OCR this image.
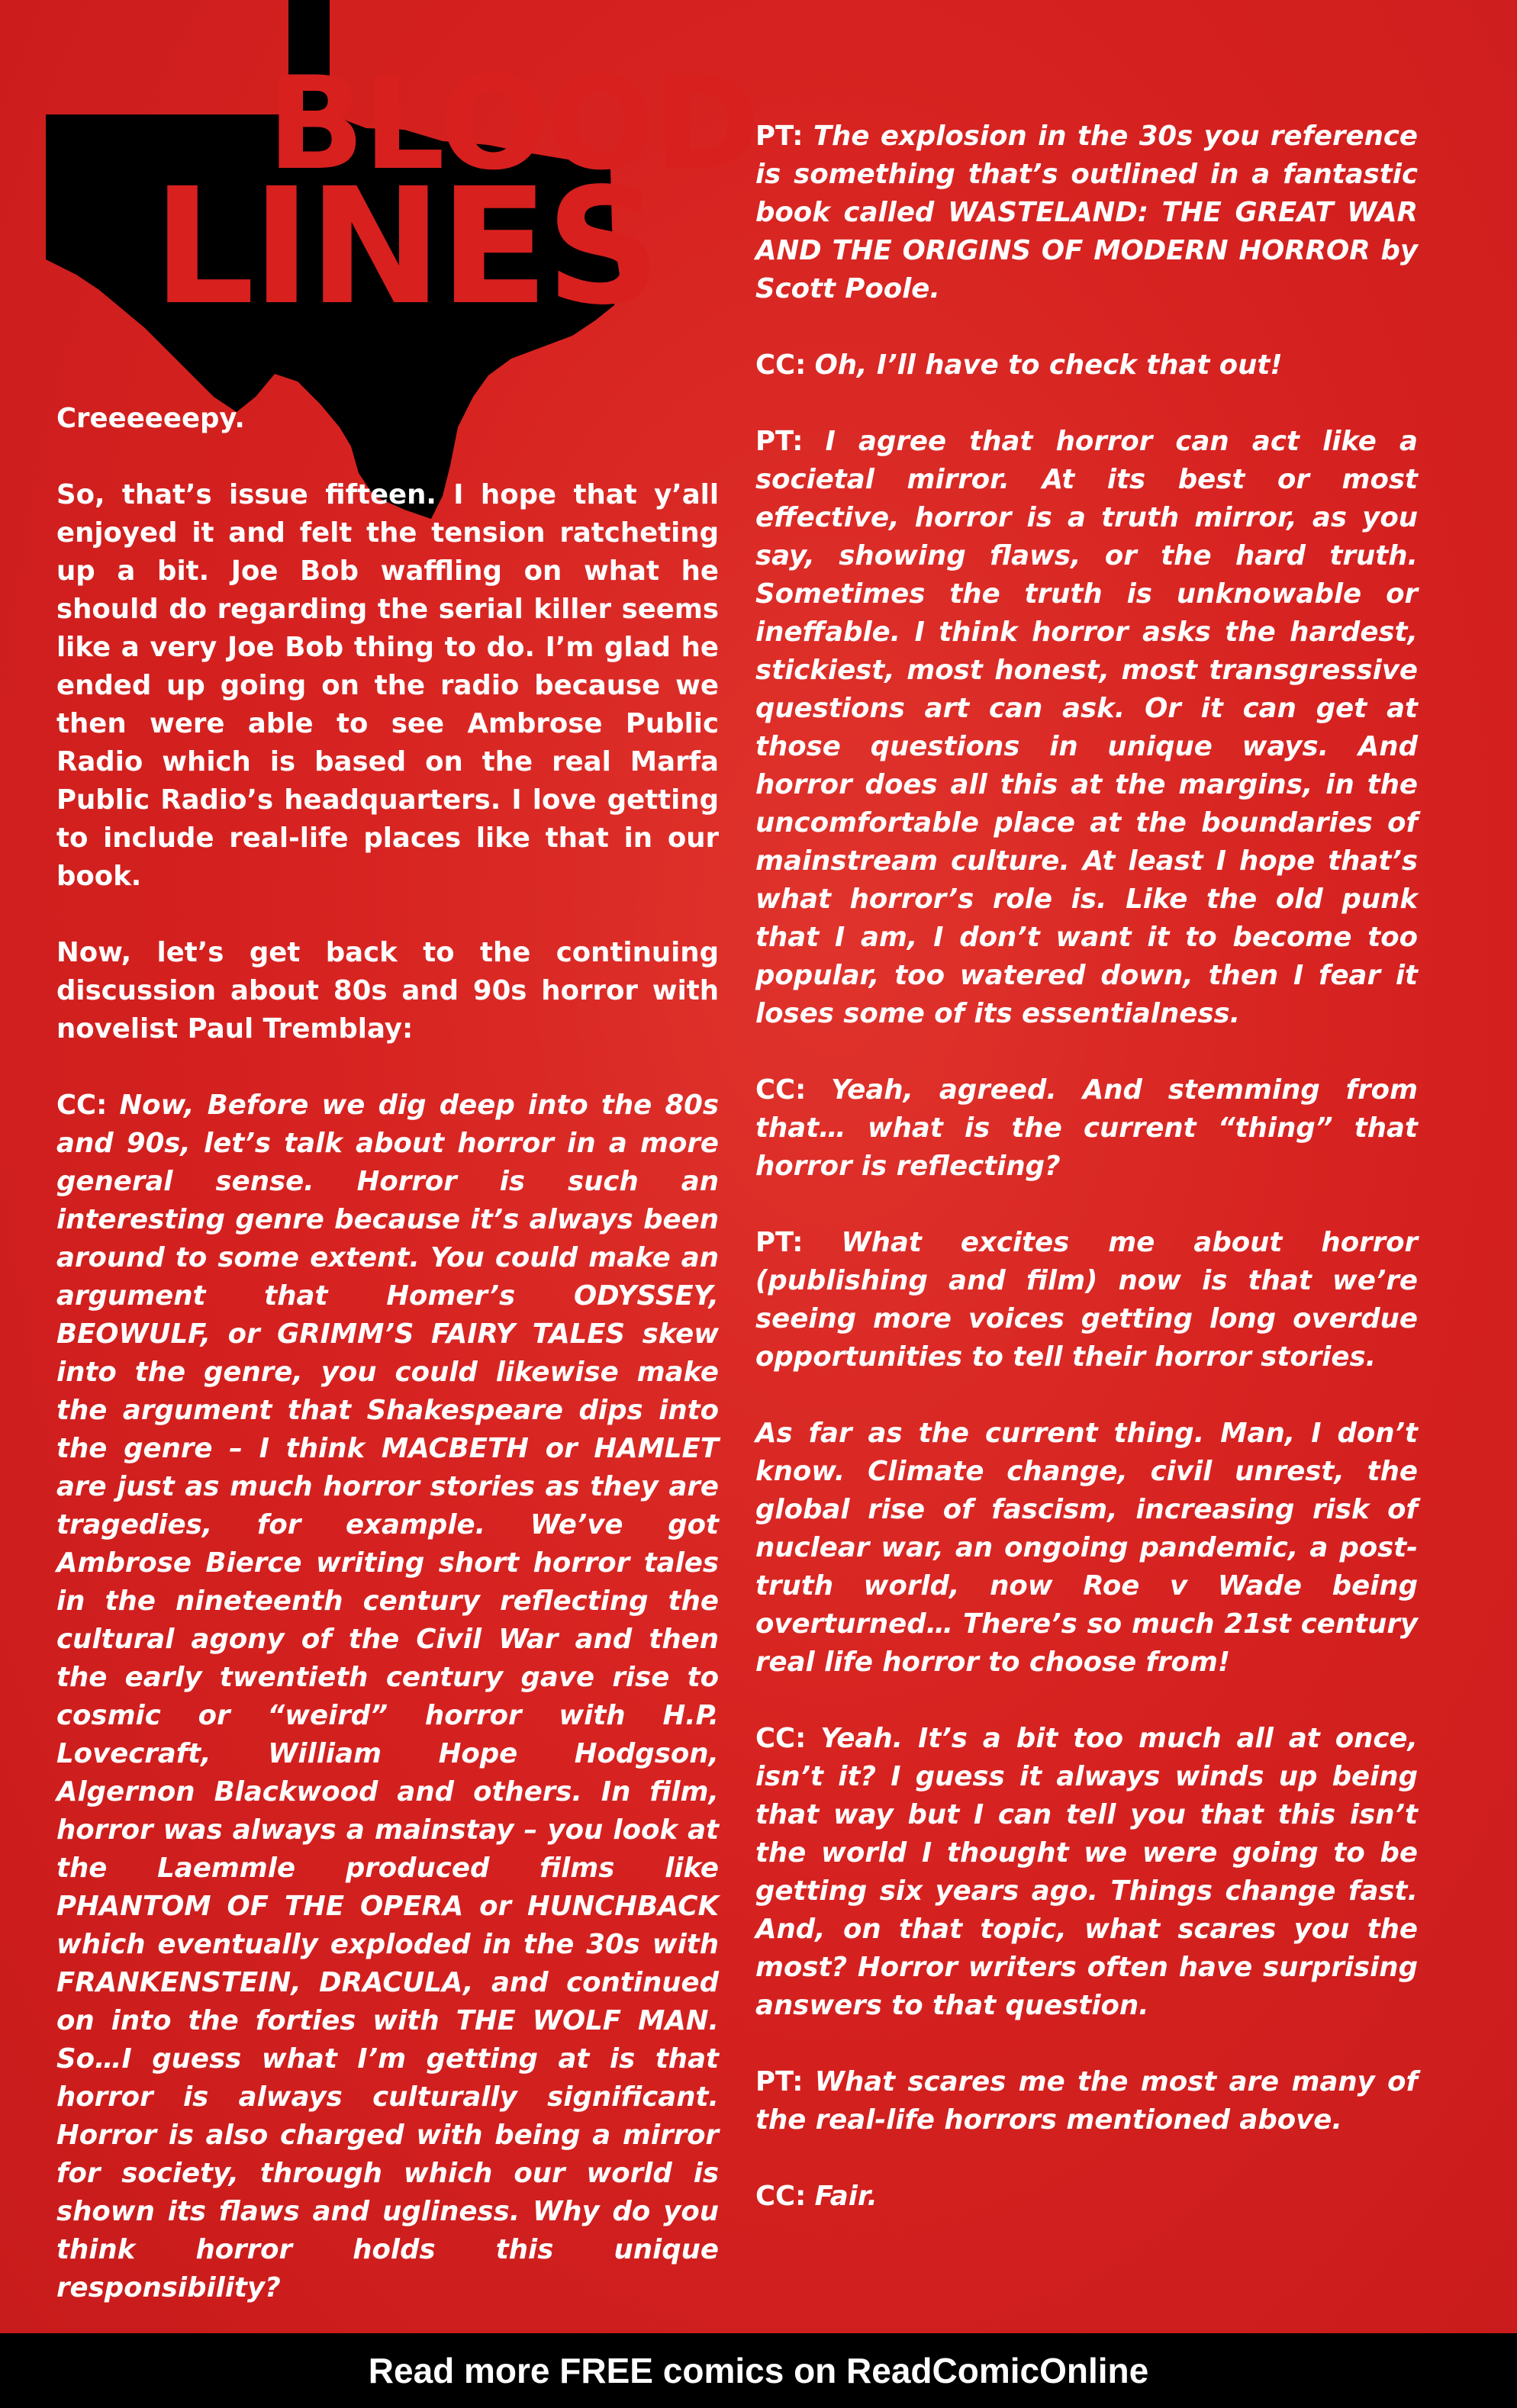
BLOOD
LINES

Creeeeeepy.

So, that’s issue fifteen. I hope that y’all enjoyed it and felt the tension ratcheting up a bit. Joe Bob waffling on what he should do regarding the serial killer seems like a very Joe Bob thing to do. I’m glad he ended up going on the radio because we then were able to see Ambrose Public Radio which is based on the real Marfa Public Radio’s headquarters. I love getting to include real-life places like that in our book.

Now, let’s get back to the continuing discussion about 80s and 90s horror with novelist Paul Tremblay:

CC: Now, Before we dig deep into the 80s and 90s, let’s talk about horror in a more general sense. Horror is such an interesting genre because it’s always been around to some extent. You could make an argument that Homer’s ODYSSEY, BEOWULF, or GRIMM’S FAIRY TALES skew into the genre, you could likewise make the argument that Shakespeare dips into the genre – I think MACBETH or HAMLET are just as much horror stories as they are tragedies, for example. We’ve got Ambrose Bierce writing short horror tales in the nineteenth century reflecting the cultural agony of the Civil War and then the early twentieth century gave rise to cosmic or “weird” horror with H.P. Lovecraft, William Hope Hodgson, Algernon Blackwood and others. In film, horror was always a mainstay – you look at the Laemmle produced films like PHANTOM OF THE OPERA or HUNCHBACK which eventually exploded in the 30s with FRANKENSTEIN, DRACULA, and continued on into the forties with THE WOLF MAN. So…I guess what I’m getting at is that horror is always culturally significant. Horror is also charged with being a mirror for society, through which our world is shown its flaws and ugliness. Why do you think horror holds this unique responsibility?

PT: The explosion in the 30s you reference is something that’s outlined in a fantastic book called WASTELAND: THE GREAT WAR AND THE ORIGINS OF MODERN HORROR by Scott Poole.

CC: Oh, I’ll have to check that out!

PT: I agree that horror can act like a societal mirror. At its best or most effective, horror is a truth mirror, as you say, showing flaws, or the hard truth. Sometimes the truth is unknowable or ineffable. I think horror asks the hardest, stickiest, most honest, most transgressive questions art can ask. Or it can get at those questions in unique ways. And horror does all this at the margins, in the uncomfortable place at the boundaries of mainstream culture. At least I hope that’s what horror’s role is. Like the old punk that I am, I don’t want it to become too popular, too watered down, then I fear it loses some of its essentialness.

CC: Yeah, agreed. And stemming from that… what is the current “thing” that horror is reflecting?

PT: What excites me about horror (publishing and film) now is that we’re seeing more voices getting long overdue opportunities to tell their horror stories.

As far as the current thing. Man, I don’t know. Climate change, civil unrest, the global rise of fascism, increasing risk of nuclear war, an ongoing pandemic, a post-truth world, now Roe v Wade being overturned… There’s so much 21st century real life horror to choose from!

CC: Yeah. It’s a bit too much all at once, isn’t it? I guess it always winds up being that way but I can tell you that this isn’t the world I thought we were going to be getting six years ago. Things change fast. And, on that topic, what scares you the most? Horror writers often have surprising answers to that question.

PT: What scares me the most are many of the real-life horrors mentioned above.

CC: Fair.

Read more FREE comics on ReadComicOnline
